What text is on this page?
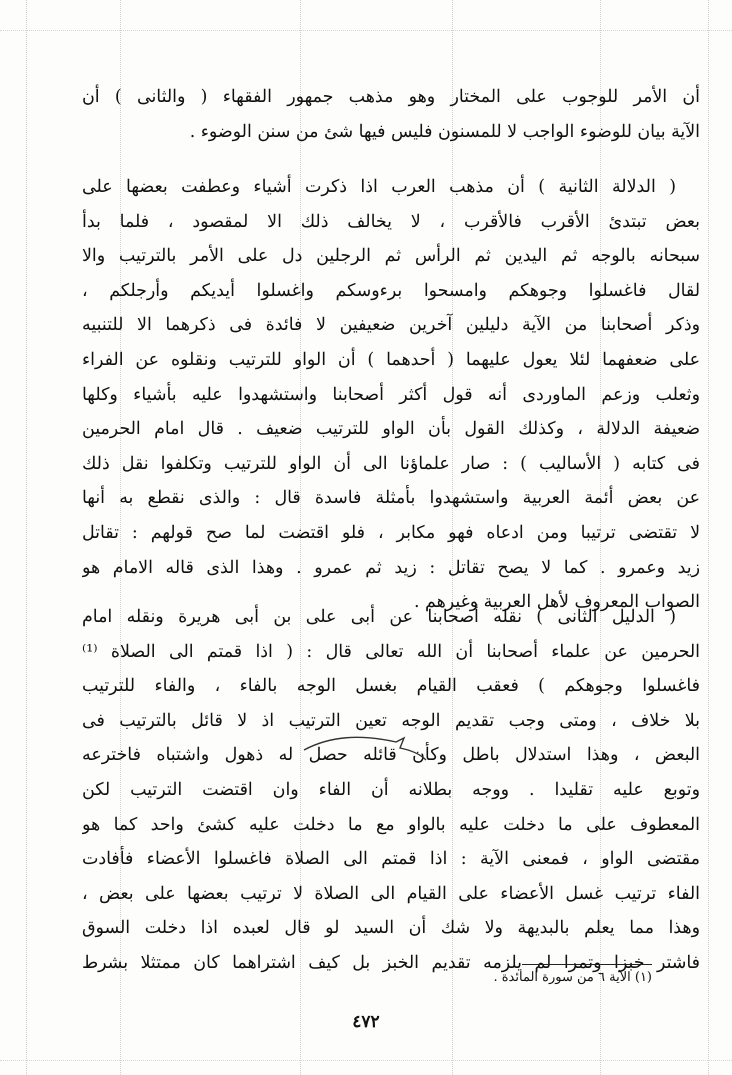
أن الأمر للوجوب على المختار وهو مذهب جمهور الفقهاء ( والثانى ) أن
الآية بيان للوضوء الواجب لا للمسنون فليس فيها شئ من سنن الوضوء .
( الدلالة الثانية ) أن مذهب العرب اذا ذكرت أشياء وعطفت بعضها على
بعض تبتدئ الأقرب فالأقرب ، لا يخالف ذلك الا لمقصود ، فلما بدأ
سبحانه بالوجه ثم اليدين ثم الرأس ثم الرجلين دل على الأمر بالترتيب والا
لقال فاغسلوا وجوهكم وامسحوا برءوسكم واغسلوا أيديكم وأرجلكم ،
وذكر أصحابنا من الآية دليلين آخرين ضعيفين لا فائدة فى ذكرهما الا للتنبيه
على ضعفهما لئلا يعول عليهما ( أحدهما ) أن الواو للترتيب ونقلوه عن الفراء
وثعلب وزعم الماوردى أنه قول أكثر أصحابنا واستشهدوا عليه بأشياء وكلها
ضعيفة الدلالة ، وكذلك القول بأن الواو للترتيب ضعيف . قال امام الحرمين
فى كتابه ( الأساليب ) : صار علماؤنا الى أن الواو للترتيب وتكلفوا نقل ذلك
عن بعض أئمة العربية واستشهدوا بأمثلة فاسدة قال : والذى نقطع به أنها
لا تقتضى ترتيبا ومن ادعاه فهو مكابر ، فلو اقتضت لما صح قولهم : تقاتل
زيد وعمرو . كما لا يصح تقاتل : زيد ثم عمرو . وهذا الذى قاله الامام هو
الصواب المعروف لأهل العربية وغيرهم .
( الدليل الثانى ) نقله أصحابنا عن أبى على بن أبى هريرة ونقله امام
الحرمين عن علماء أصحابنا أن الله تعالى قال : ( اذا قمتم الى الصلاة ⁽¹⁾
فاغسلوا وجوهكم ) فعقب القيام بغسل الوجه بالفاء ، والفاء للترتيب
بلا خلاف ، ومتى وجب تقديم الوجه تعين الترتيب اذ لا قائل بالترتيب فى
البعض ، وهذا استدلال باطل وكأن قائله حصل له ذهول واشتباه فاخترعه
وتوبع عليه تقليدا . ووجه بطلانه أن الفاء وان اقتضت الترتيب لكن
المعطوف على ما دخلت عليه بالواو مع ما دخلت عليه كشئ واحد كما هو
مقتضى الواو ، فمعنى الآية : اذا قمتم الى الصلاة فاغسلوا الأعضاء فأفادت
الفاء ترتيب غسل الأعضاء على القيام الى الصلاة لا ترتيب بعضها على بعض ،
وهذا مما يعلم بالبديهة ولا شك أن السيد لو قال لعبده اذا دخلت السوق
فاشتر خبزا وتمرا لم يلزمه تقديم الخبز بل كيف اشتراهما كان ممتثلا بشرط
(١) الآية ٦ من سورة المائدة .
٤٧٢
